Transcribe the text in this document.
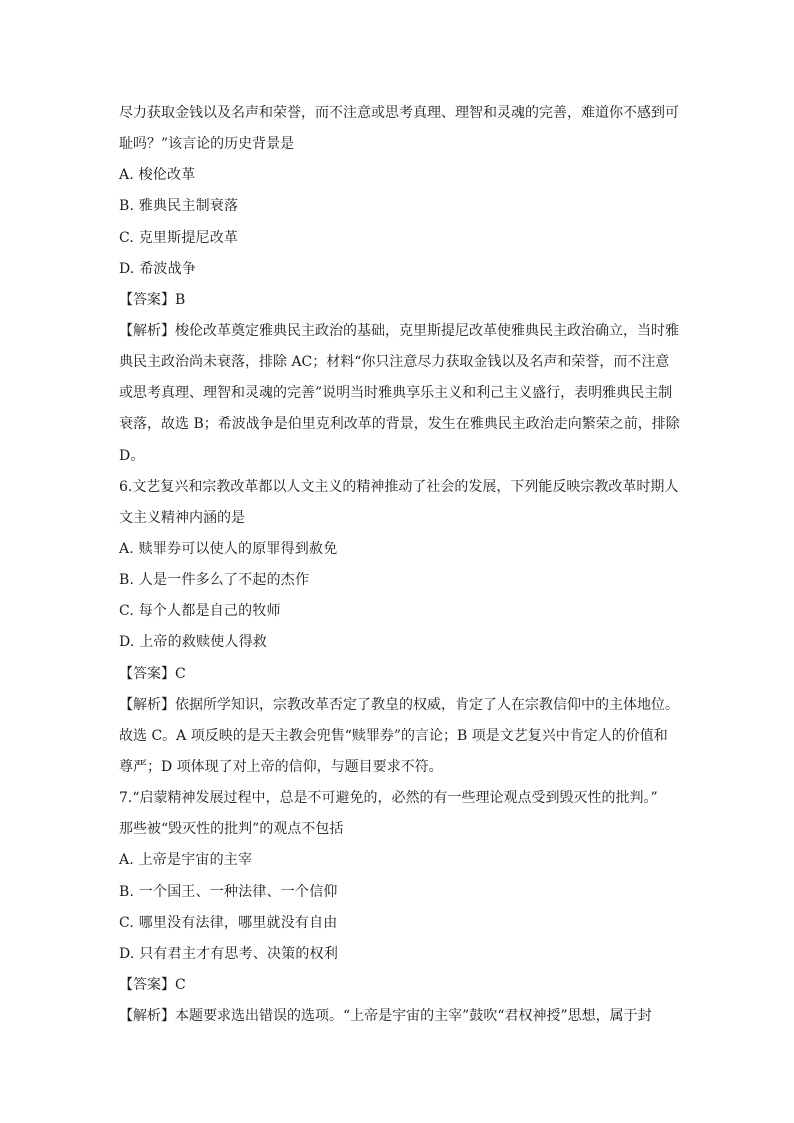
尽力获取金钱以及名声和荣誉，而不注意或思考真理、理智和灵魂的完善，难道你不感到可
耻吗？”该言论的历史背景是
A. 梭伦改革
B. 雅典民主制衰落
C. 克里斯提尼改革
D. 希波战争
【答案】B
【解析】梭伦改革奠定雅典民主政治的基础，克里斯提尼改革使雅典民主政治确立，当时雅
典民主政治尚未衰落，排除 AC；材料“你只注意尽力获取金钱以及名声和荣誉，而不注意
或思考真理、理智和灵魂的完善”说明当时雅典享乐主义和利己主义盛行，表明雅典民主制
衰落，故选 B；希波战争是伯里克利改革的背景，发生在雅典民主政治走向繁荣之前，排除
D。
6.文艺复兴和宗教改革都以人文主义的精神推动了社会的发展，下列能反映宗教改革时期人
文主义精神内涵的是
A. 赎罪券可以使人的原罪得到赦免
B. 人是一件多么了不起的杰作
C. 每个人都是自己的牧师
D. 上帝的救赎使人得救
【答案】C
【解析】依据所学知识，宗教改革否定了教皇的权威，肯定了人在宗教信仰中的主体地位。
故选 C。A 项反映的是天主教会兜售“赎罪券”的言论；B 项是文艺复兴中肯定人的价值和
尊严；D 项体现了对上帝的信仰，与题目要求不符。
7.“启蒙精神发展过程中，总是不可避免的，必然的有一些理论观点受到毁灭性的批判。”
那些被“毁灭性的批判”的观点不包括
A. 上帝是宇宙的主宰
B. 一个国王、一种法律、一个信仰
C. 哪里没有法律，哪里就没有自由
D. 只有君主才有思考、决策的权利
【答案】C
【解析】本题要求选出错误的选项。“上帝是宇宙的主宰”鼓吹“君权神授”思想，属于封
